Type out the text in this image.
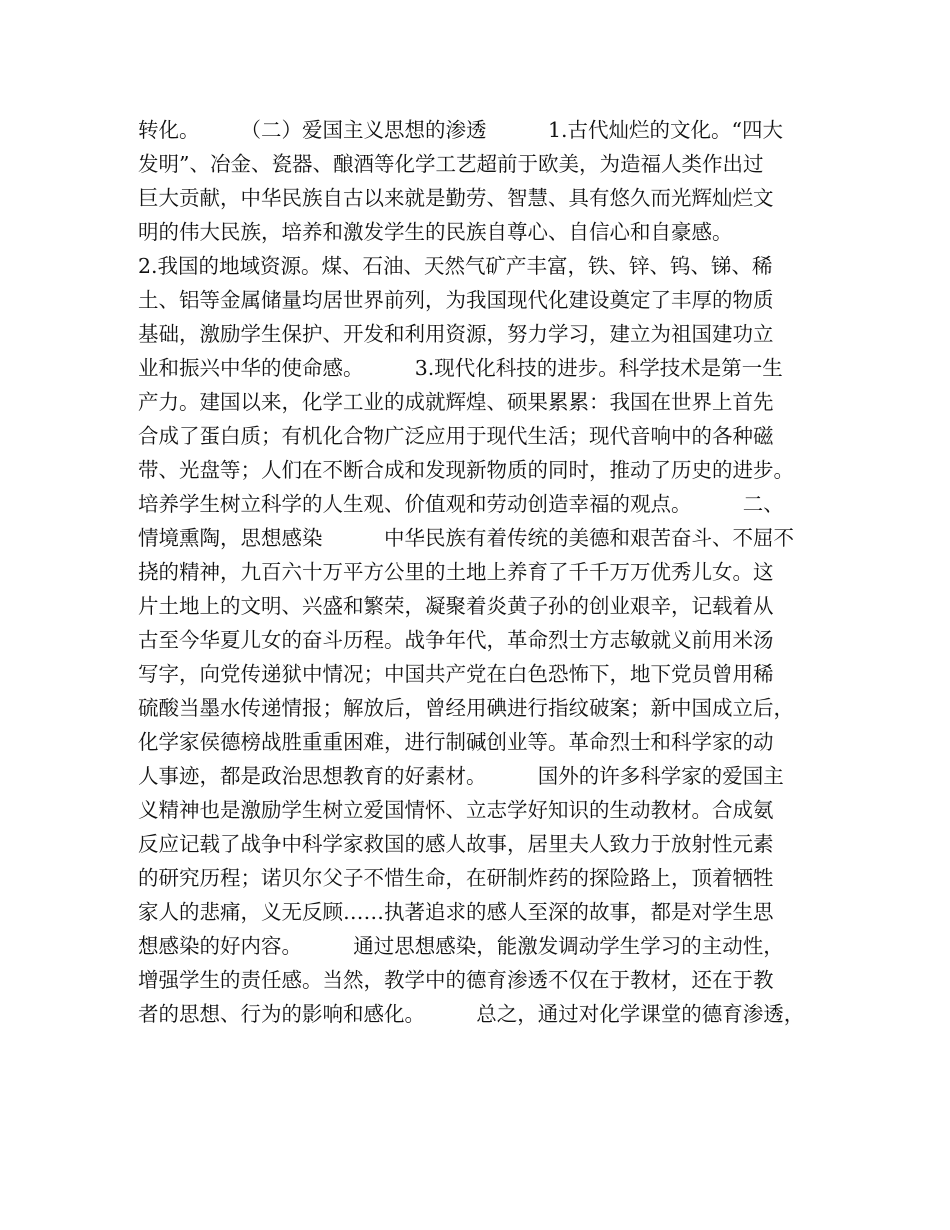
转化。　　　（二）爱国主义思想的渗透　　　1.古代灿烂的文化。“四大
发明”、冶金、瓷器、酿酒等化学工艺超前于欧美，为造福人类作出过
巨大贡献，中华民族自古以来就是勤劳、智慧、具有悠久而光辉灿烂文
明的伟大民族，培养和激发学生的民族自尊心、自信心和自豪感。
2.我国的地域资源。煤、石油、天然气矿产丰富，铁、锌、钨、锑、稀
土、铝等金属储量均居世界前列，为我国现代化建设奠定了丰厚的物质
基础，激励学生保护、开发和利用资源，努力学习，建立为祖国建功立
业和振兴中华的使命感。　　　3.现代化科技的进步。科学技术是第一生
产力。建国以来，化学工业的成就辉煌、硕果累累：我国在世界上首先
合成了蛋白质；有机化合物广泛应用于现代生活；现代音响中的各种磁
带、光盘等；人们在不断合成和发现新物质的同时，推动了历史的进步。
培养学生树立科学的人生观、价值观和劳动创造幸福的观点。　　　二、
情境熏陶，思想感染　　　中华民族有着传统的美德和艰苦奋斗、不屈不
挠的精神，九百六十万平方公里的土地上养育了千千万万优秀儿女。这
片土地上的文明、兴盛和繁荣，凝聚着炎黄子孙的创业艰辛，记载着从
古至今华夏儿女的奋斗历程。战争年代，革命烈士方志敏就义前用米汤
写字，向党传递狱中情况；中国共产党在白色恐怖下，地下党员曾用稀
硫酸当墨水传递情报；解放后，曾经用碘进行指纹破案；新中国成立后，
化学家侯德榜战胜重重困难，进行制碱创业等。革命烈士和科学家的动
人事迹，都是政治思想教育的好素材。　　　国外的许多科学家的爱国主
义精神也是激励学生树立爱国情怀、立志学好知识的生动教材。合成氨
反应记载了战争中科学家救国的感人故事，居里夫人致力于放射性元素
的研究历程；诺贝尔父子不惜生命，在研制炸药的探险路上，顶着牺牲
家人的悲痛，义无反顾……执著追求的感人至深的故事，都是对学生思
想感染的好内容。　　　通过思想感染，能激发调动学生学习的主动性，
增强学生的责任感。当然，教学中的德育渗透不仅在于教材，还在于教
者的思想、行为的影响和感化。　　　总之，通过对化学课堂的德育渗透，
